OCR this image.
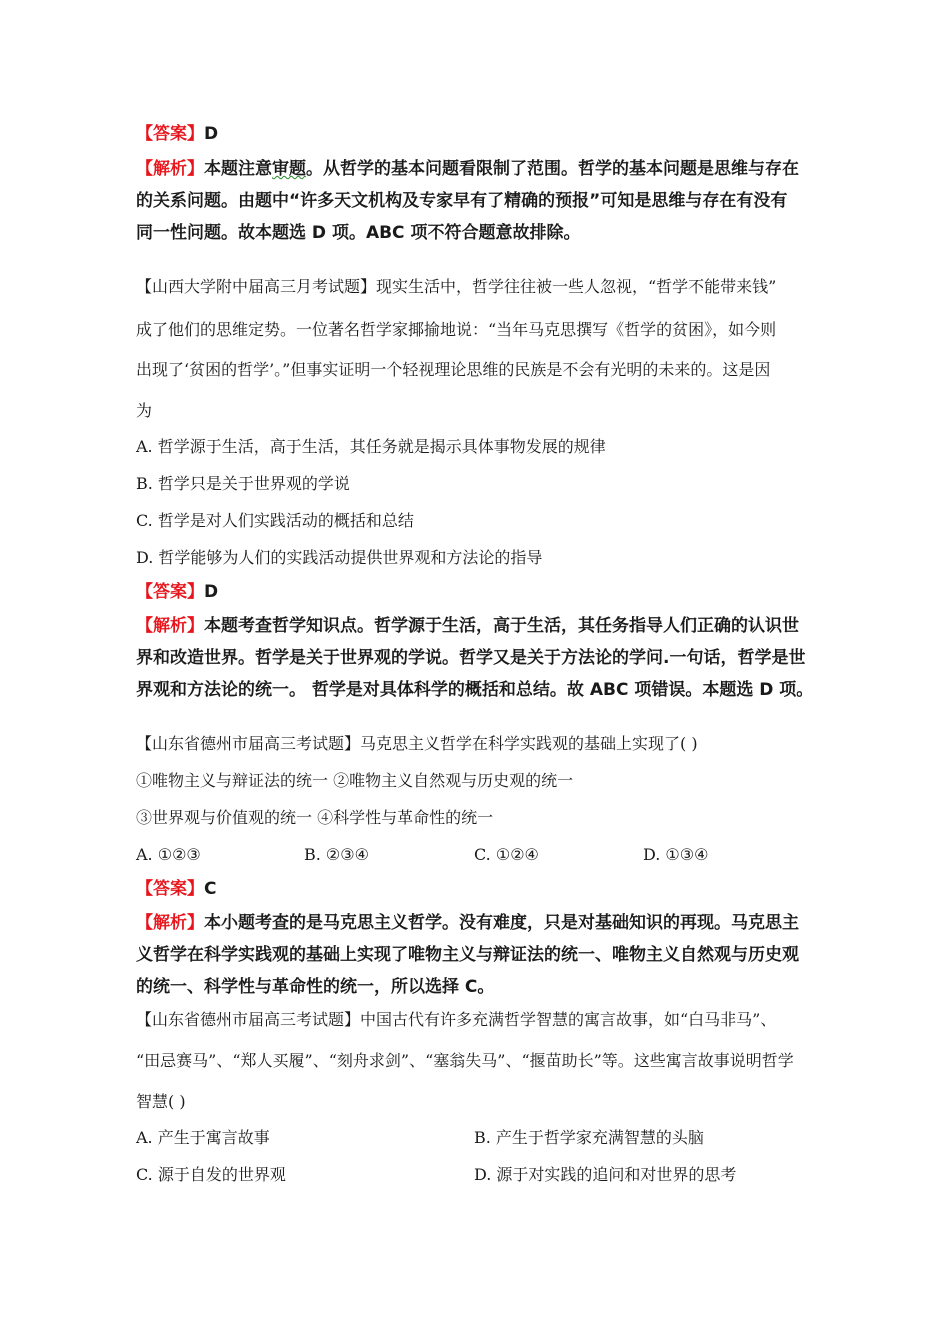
【答案】D
【解析】本题注意审题。从哲学的基本问题看限制了范围。哲学的基本问题是思维与存在
的关系问题。由题中“许多天文机构及专家早有了精确的预报”可知是思维与存在有没有
同一性问题。故本题选 D 项。ABC 项不符合题意故排除。
【山西大学附中届高三月考试题】现实生活中，哲学往往被一些人忽视，“哲学不能带来钱”
成了他们的思维定势。一位著名哲学家揶揄地说：“当年马克思撰写《哲学的贫困》，如今则
出现了‘贫困的哲学’。”但事实证明一个轻视理论思维的民族是不会有光明的未来的。这是因
为
A. 哲学源于生活，高于生活，其任务就是揭示具体事物发展的规律
B. 哲学只是关于世界观的学说
C. 哲学是对人们实践活动的概括和总结
D. 哲学能够为人们的实践活动提供世界观和方法论的指导
【答案】D
【解析】本题考查哲学知识点。哲学源于生活，高于生活，其任务指导人们正确的认识世
界和改造世界。哲学是关于世界观的学说。哲学又是关于方法论的学问.一句话，哲学是世
界观和方法论的统一。 哲学是对具体科学的概括和总结。故 ABC 项错误。本题选 D 项。
【山东省德州市届高三考试题】马克思主义哲学在科学实践观的基础上实现了( )
①唯物主义与辩证法的统一 ②唯物主义自然观与历史观的统一
③世界观与价值观的统一 ④科学性与革命性的统一
A. ①②③	B. ②③④	C. ①②④	D. ①③④
【答案】C
【解析】本小题考查的是马克思主义哲学。没有难度，只是对基础知识的再现。马克思主
义哲学在科学实践观的基础上实现了唯物主义与辩证法的统一、唯物主义自然观与历史观
的统一、科学性与革命性的统一，所以选择 C。
【山东省德州市届高三考试题】中国古代有许多充满哲学智慧的寓言故事，如“白马非马”、
“田忌赛马”、“郑人买履”、“刻舟求剑”、“塞翁失马”、“揠苗助长”等。这些寓言故事说明哲学
智慧( )
A. 产生于寓言故事	B. 产生于哲学家充满智慧的头脑
C. 源于自发的世界观	D. 源于对实践的追问和对世界的思考
